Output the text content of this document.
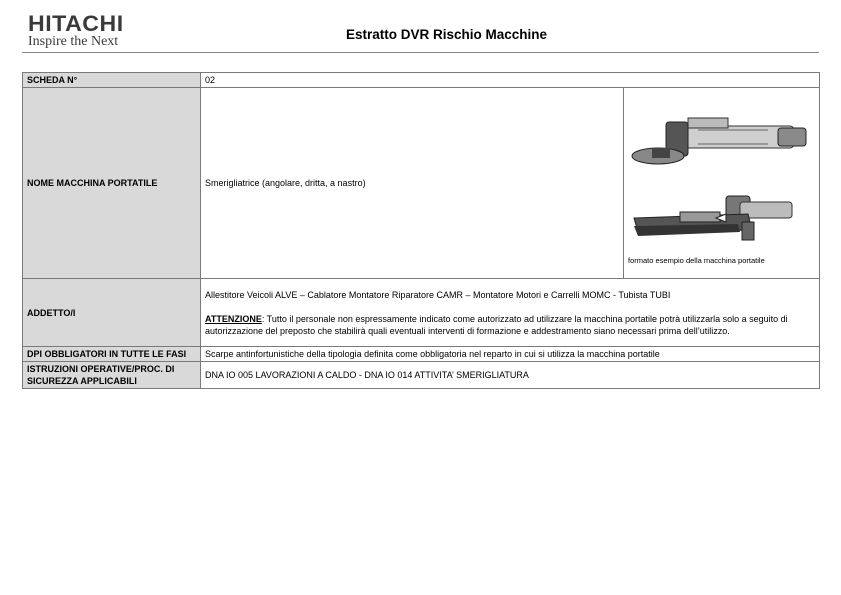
HITACHI
Inspire the Next	Estratto DVR Rischio Macchine
SCHEDA N°	02	
NOME MACCHINA PORTATILE	Smerigliatrice (angolare, dritta, a nastro)	formato esempio della macchina portatile
ADDETTO/I	Allestitore Veicoli ALVE – Cablatore Montatore Riparatore CAMR – Montatore Motori e Carrelli MOMC - Tubista TUBI
ATTENZIONE: Tutto il personale non espressamente indicato come autorizzato ad utilizzare la macchina portatile potrà utilizzarla solo a seguito di autorizzazione del preposto che stabilirà quali eventuali interventi di formazione e addestramento siano necessari prima dell’utilizzo.	
DPI OBBLIGATORI IN TUTTE LE FASI	Scarpe antinfortunistiche della tipologia definita come obbligatoria nel reparto in cui si utilizza la macchina portatile	
ISTRUZIONI OPERATIVE/PROC. DI SICUREZZA APPLICABILI	DNA IO 005 LAVORAZIONI A CALDO - DNA IO 014 ATTIVITA’ SMERIGLIATURA	
